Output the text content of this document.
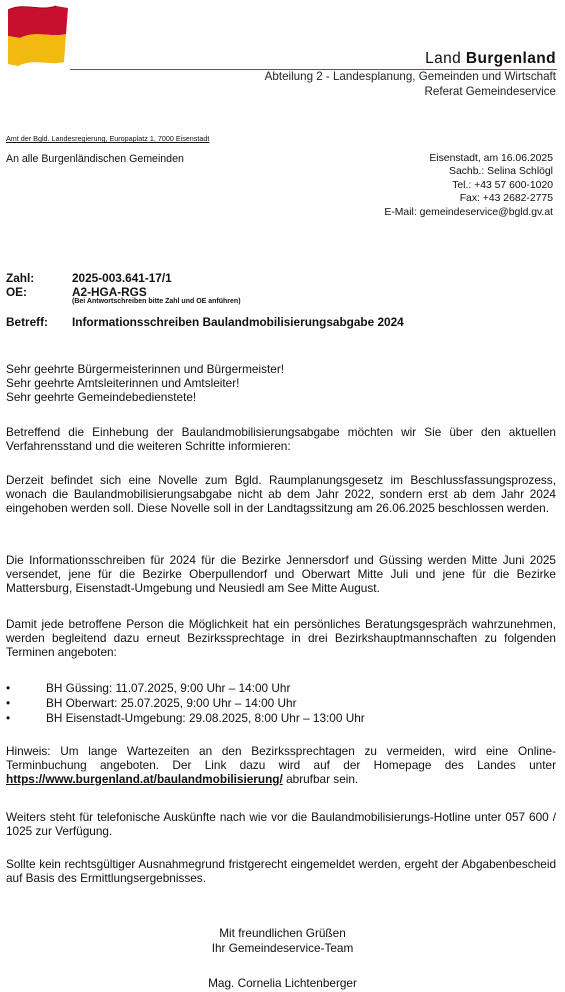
Land Burgenland
Abteilung 2 - Landesplanung, Gemeinden und Wirtschaft
Referat Gemeindeservice
Amt der Bgld. Landesregierung, Europaplatz 1, 7000 Eisenstadt
An alle Burgenländischen Gemeinden	Eisenstadt, am 16.06.2025
Sachb.: Selina Schlögl
Tel.: +43 57 600-1020
Fax: +43 2682-2775
E-Mail: gemeindeservice@bgld.gv.at
Zahl:	2025-003.641-17/1
OE:	A2-HGA-RGS
(Bei Antwortschreiben bitte Zahl und OE anführen)
Betreff: Informationsschreiben Baulandmobilisierungsabgabe 2024

Sehr geehrte Bürgermeisterinnen und Bürgermeister!

Sehr geehrte Amtsleiterinnen und Amtsleiter!

Sehr geehrte Gemeindebedienstete!

Betreffend die Einhebung der Baulandmobilisierungsabgabe möchten wir Sie über den aktuellen Verfahrensstand und die weiteren Schritte informieren:

Derzeit befindet sich eine Novelle zum Bgld. Raumplanungsgesetz im Beschlussfassungsprozess, wonach die Baulandmobilisierungsabgabe nicht ab dem Jahr 2022, sondern erst ab dem Jahr 2024 eingehoben werden soll. Diese Novelle soll in der Landtagssitzung am 26.06.2025 beschlossen werden.

Die Informationsschreiben für 2024 für die Bezirke Jennersdorf und Güssing werden Mitte Juni 2025 versendet, jene für die Bezirke Oberpullendorf und Oberwart Mitte Juli und jene für die Bezirke Mattersburg, Eisenstadt-Umgebung und Neusiedl am See Mitte August.

Damit jede betroffene Person die Möglichkeit hat ein persönliches Beratungsgespräch wahrzunehmen, werden begleitend dazu erneut Bezirkssprechtage in drei Bezirkshauptmannschaften zu folgenden Terminen angeboten:

•	BH Güssing: 11.07.2025, 9:00 Uhr – 14:00 Uhr
•	BH Oberwart: 25.07.2025, 9:00 Uhr – 14:00 Uhr
•	BH Eisenstadt-Umgebung: 29.08.2025, 8:00 Uhr – 13:00 Uhr

Hinweis: Um lange Wartezeiten an den Bezirkssprechtagen zu vermeiden, wird eine Online-Terminbuchung angeboten. Der Link dazu wird auf der Homepage des Landes unter https://www.burgenland.at/baulandmobilisierung/ abrufbar sein.

Weiters steht für telefonische Auskünfte nach wie vor die Baulandmobilisierungs-Hotline unter 057 600 / 1025 zur Verfügung.

Sollte kein rechtsgültiger Ausnahmegrund fristgerecht eingemeldet werden, ergeht der Abgabenbescheid auf Basis des Ermittlungsergebnisses.

Mit freundlichen Grüßen
Ihr Gemeindeservice-Team
Mag. Cornelia Lichtenberger
